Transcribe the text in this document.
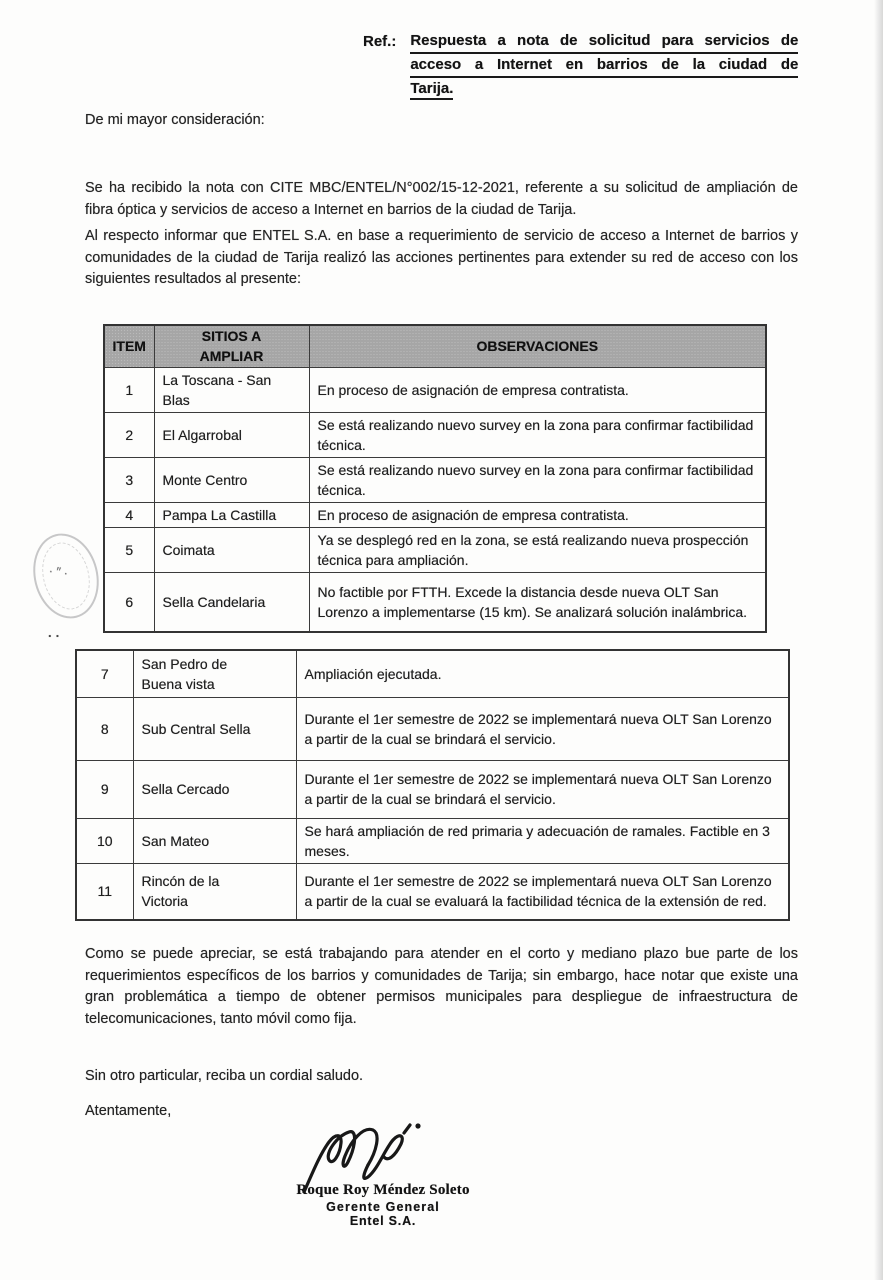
Ref.: Respuesta a nota de solicitud para servicios de
acceso a Internet en barrios de la ciudad de
Tarija.
De mi mayor consideración:
Se ha recibido la nota con CITE MBC/ENTEL/N°002/15-12-2021, referente a su solicitud de ampliación de fibra óptica y servicios de acceso a Internet en barrios de la ciudad de Tarija.
Al respecto informar que ENTEL S.A. en base a requerimiento de servicio de acceso a Internet de barrios y comunidades de la ciudad de Tarija realizó las acciones pertinentes para extender su red de acceso con los siguientes resultados al presente:
ITEM	SITIOS A AMPLIAR	OBSERVACIONES
1	La Toscana - San Blas	En proceso de asignación de empresa contratista.
2	El Algarrobal	Se está realizando nuevo survey en la zona para confirmar factibilidad técnica.
3	Monte Centro	Se está realizando nuevo survey en la zona para confirmar factibilidad técnica.
4	Pampa La Castilla	En proceso de asignación de empresa contratista.
5	Coimata	Ya se desplegó red en la zona, se está realizando nueva prospección técnica para ampliación.
6	Sella Candelaria	No factible por FTTH. Excede la distancia desde nueva OLT San Lorenzo a implementarse (15 km). Se analizará solución inalámbrica.
·″·
..
7	San Pedro de Buena vista	Ampliación ejecutada.
8	Sub Central Sella	Durante el 1er semestre de 2022 se implementará nueva OLT San Lorenzo a partir de la cual se brindará el servicio.
9	Sella Cercado	Durante el 1er semestre de 2022 se implementará nueva OLT San Lorenzo a partir de la cual se brindará el servicio.
10	San Mateo	Se hará ampliación de red primaria y adecuación de ramales. Factible en 3 meses.
11	Rincón de la Victoria	Durante el 1er semestre de 2022 se implementará nueva OLT San Lorenzo a partir de la cual se evaluará la factibilidad técnica de la extensión de red.
Como se puede apreciar, se está trabajando para atender en el corto y mediano plazo bue parte de los requerimientos específicos de los barrios y comunidades de Tarija; sin embargo, hace notar que existe una gran problemática a tiempo de obtener permisos municipales para despliegue de infraestructura de telecomunicaciones, tanto móvil como fija.
Sin otro particular, reciba un cordial saludo.
Atentamente,
Roque Roy Méndez Soleto
Gerente General
Entel S.A.
